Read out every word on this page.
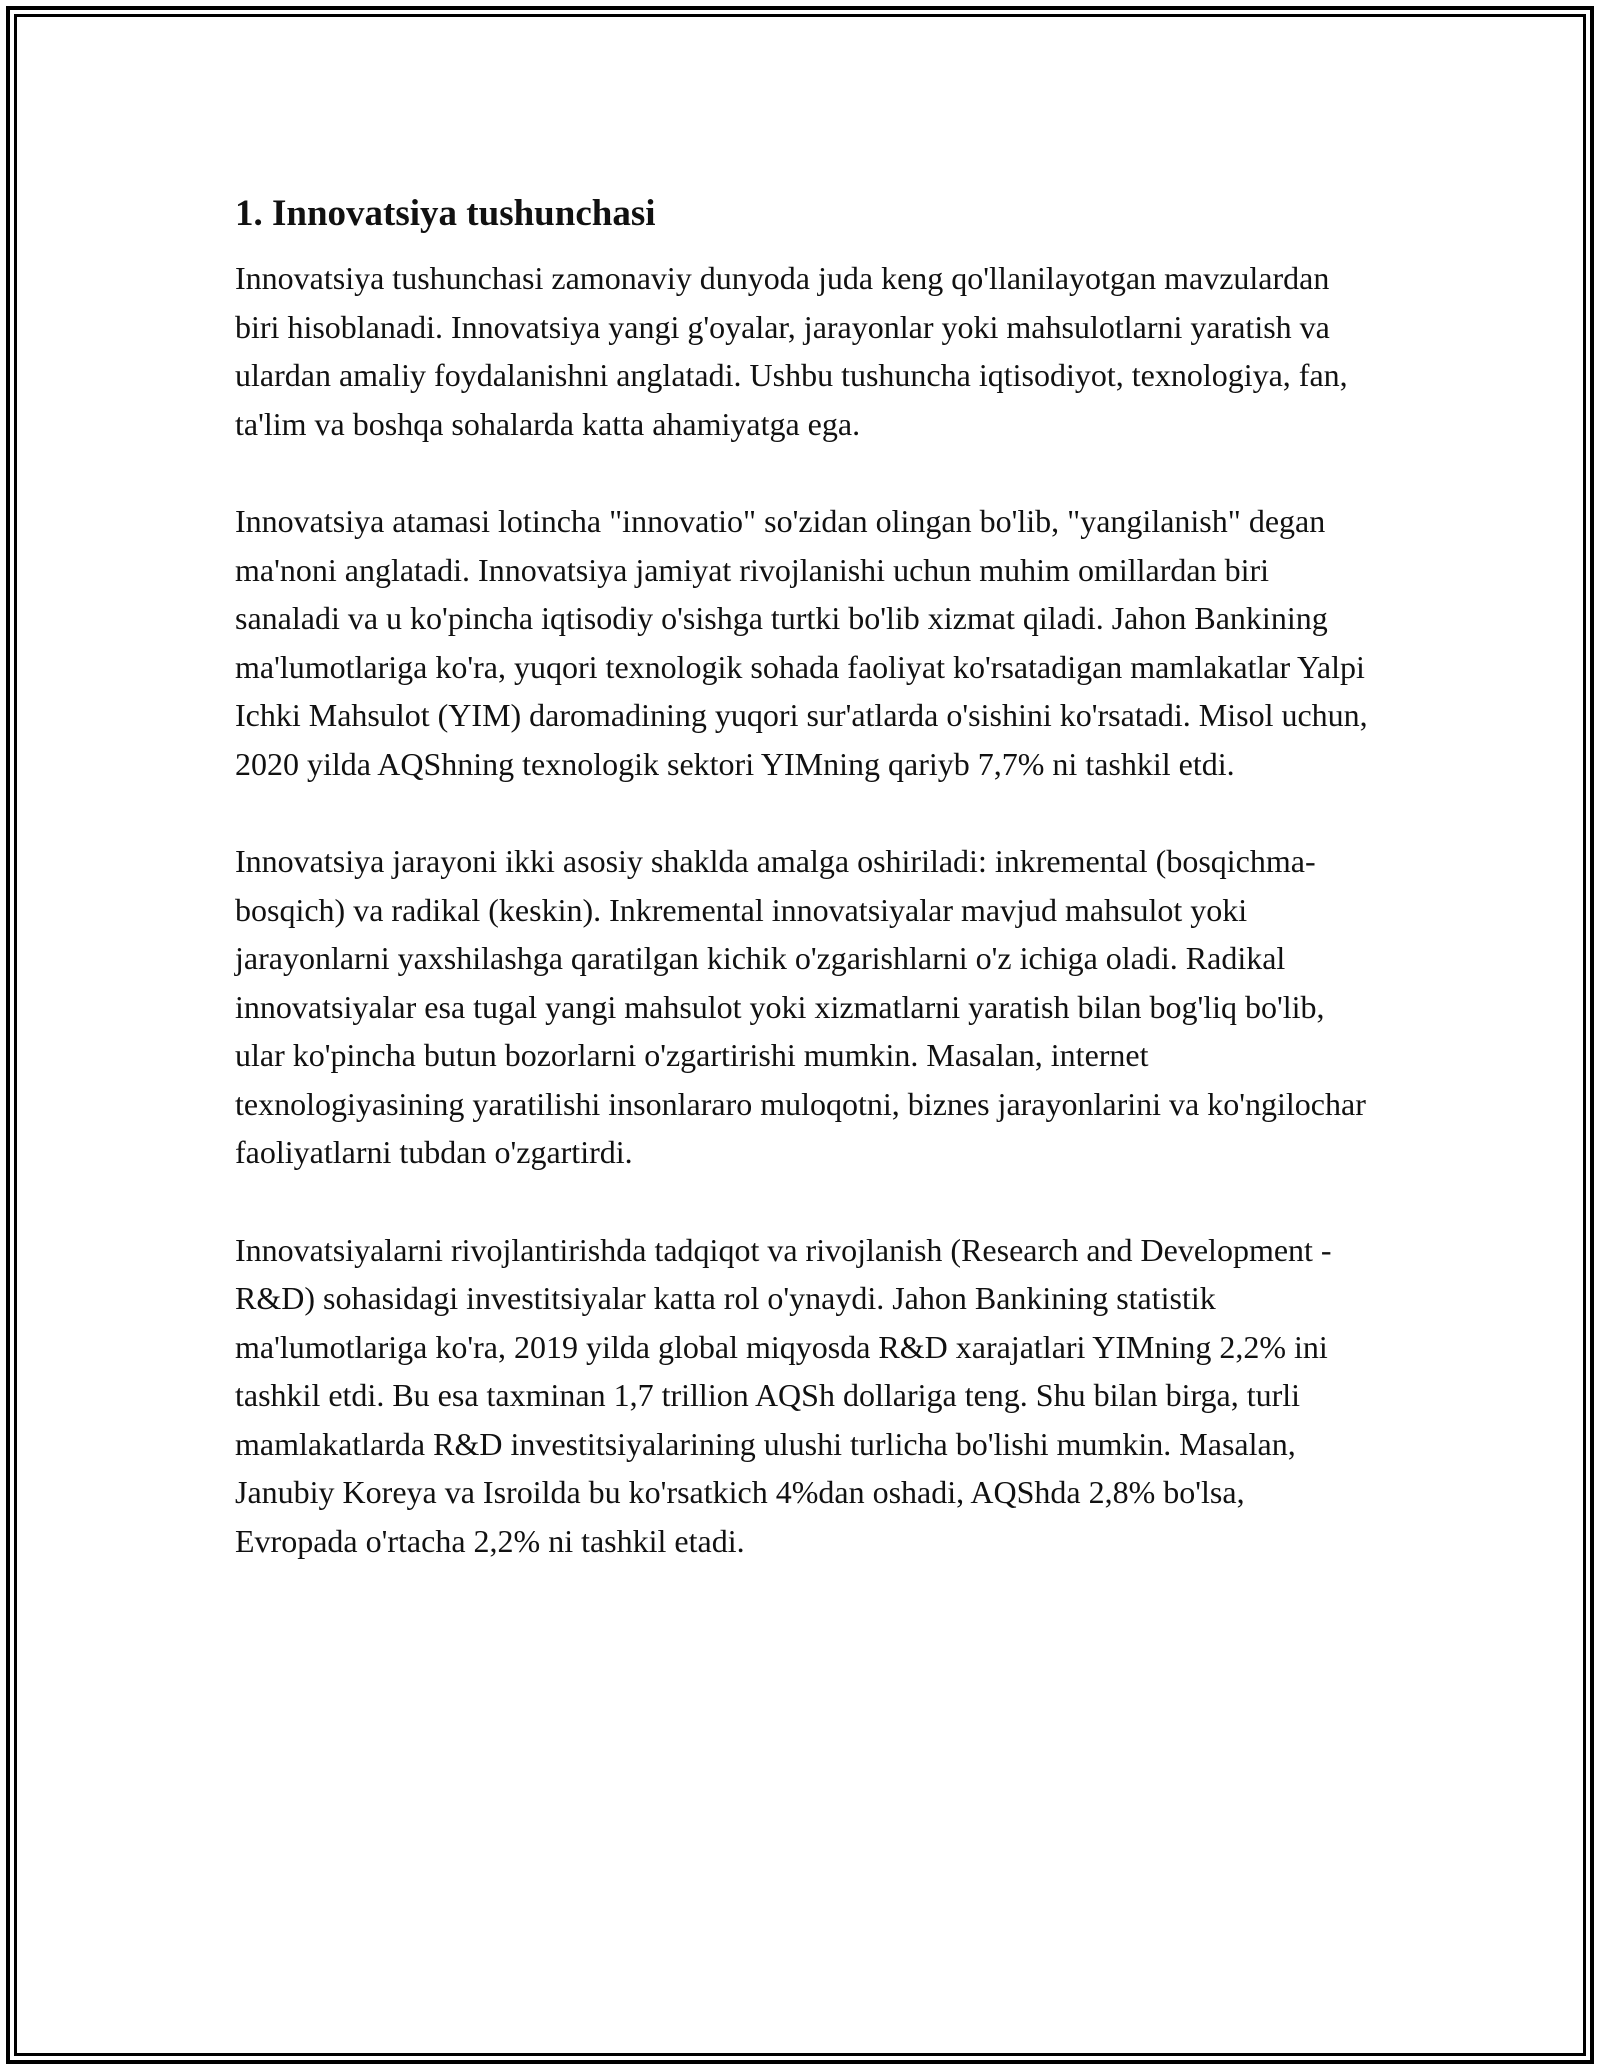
1. Innovatsiya tushunchasi

Innovatsiya tushunchasi zamonaviy dunyoda juda keng qo'llanilayotgan mavzulardan biri hisoblanadi. Innovatsiya yangi g'oyalar, jarayonlar yoki mahsulotlarni yaratish va ulardan amaliy foydalanishni anglatadi. Ushbu tushuncha iqtisodiyot, texnologiya, fan, ta'lim va boshqa sohalarda katta ahamiyatga ega.

Innovatsiya atamasi lotincha "innovatio" so'zidan olingan bo'lib, "yangilanish" degan ma'noni anglatadi. Innovatsiya jamiyat rivojlanishi uchun muhim omillardan biri sanaladi va u ko'pincha iqtisodiy o'sishga turtki bo'lib xizmat qiladi. Jahon Bankining ma'lumotlariga ko'ra, yuqori texnologik sohada faoliyat ko'rsatadigan mamlakatlar Yalpi Ichki Mahsulot (YIM) daromadining yuqori sur'atlarda o'sishini ko'rsatadi. Misol uchun, 2020 yilda AQShning texnologik sektori YIMning qariyb 7,7% ni tashkil etdi.

Innovatsiya jarayoni ikki asosiy shakldа amalga oshiriladi: inkremental (bosqichma-bosqich) va radikal (keskin). Inkremental innovatsiyalar mavjud mahsulot yoki jarayonlarni yaxshilashga qaratilgan kichik o'zgarishlarni o'z ichiga oladi. Radikal innovatsiyalar esa tugal yangi mahsulot yoki xizmatlarni yaratish bilan bog'liq bo'lib, ular ko'pincha butun bozorlarni o'zgartirishi mumkin. Masalan, internet texnologiyasining yaratilishi insonlararo muloqotni, biznes jarayonlarini va ko'ngilochar faoliyatlarni tubdan o'zgartirdi.

Innovatsiyalarni rivojlantirishda tadqiqot va rivojlanish (Research and Development - R&D) sohasidagi investitsiyalar katta rol o'ynaydi. Jahon Bankining statistik ma'lumotlariga ko'ra, 2019 yilda global miqyosda R&D xarajatlari YIMning 2,2% ini tashkil etdi. Bu esa taxminan 1,7 trillion AQSh dollariga teng. Shu bilan birga, turli mamlakatlarda R&D investitsiyalarining ulushi turlicha bo'lishi mumkin. Masalan, Janubiy Koreya va Isroilda bu ko'rsatkich 4%dan oshadi, AQShda 2,8% bo'lsa, Evropada o'rtacha 2,2% ni tashkil etadi.
